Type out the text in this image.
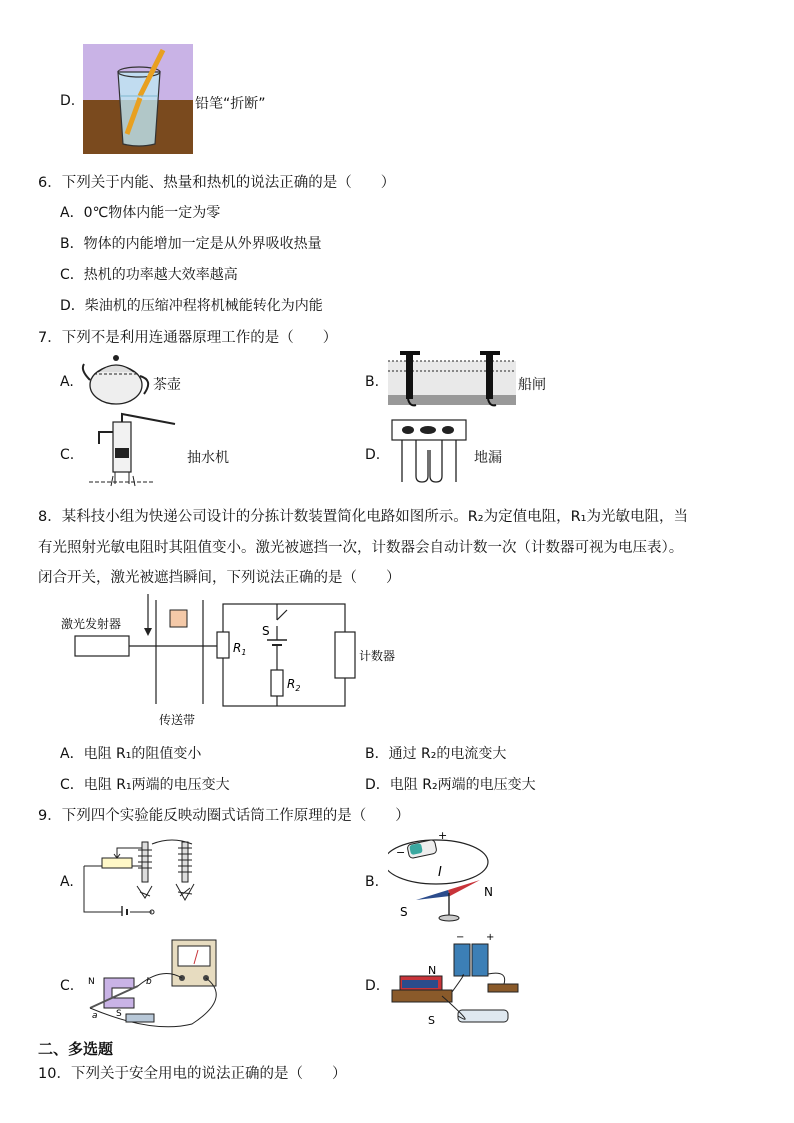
D.	铅笔“折断”
6．下列关于内能、热量和热机的说法正确的是（　　）
A．0℃物体内能一定为零
B．物体的内能增加一定是从外界吸收热量
C．热机的功率越大效率越高
D．柴油机的压缩冲程将机械能转化为内能
7．下列不是利用连通器原理工作的是（　　）
A.	茶壶	B.	船闸
C.	抽水机	D.	地漏
8．某科技小组为快递公司设计的分拣计数装置简化电路如图所示。R₂为定值电阻，R₁为光敏电阻，当
有光照射光敏电阻时其阻值变小。激光被遮挡一次，计数器会自动计数一次（计数器可视为电压表）。
闭合开关，激光被遮挡瞬间，下列说法正确的是（　　）
激光发射器
传送带
$R_1$
S
$R_2$
计数器
A．电阻 R₁的阻值变小	B．通过 R₂的电流变大
C．电阻 R₁两端的电压变大	D．电阻 R₂两端的电压变大
9．下列四个实验能反映动圈式话筒工作原理的是（　　）
A.	B.
+
−
I
N
S
C. N
S
a
b	D.
+
−
N
S
二、多选题
10．下列关于安全用电的说法正确的是（　　）
